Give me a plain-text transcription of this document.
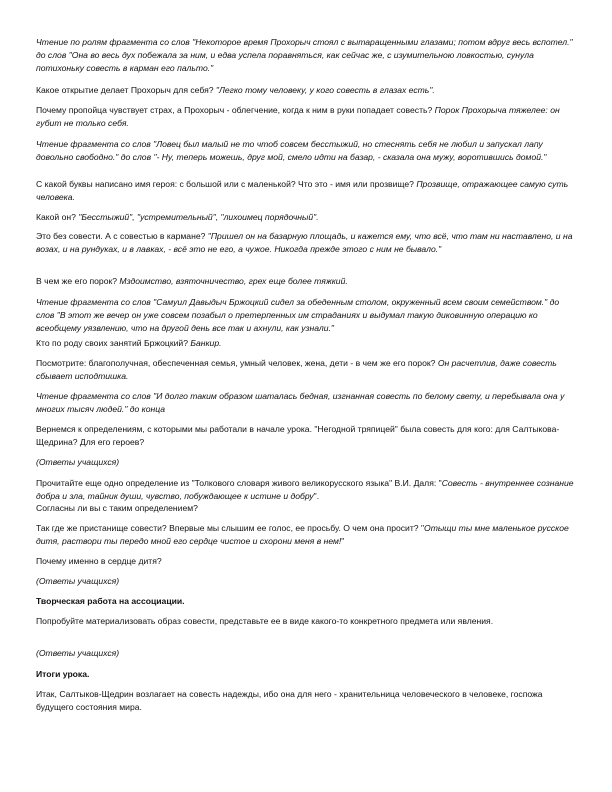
Чтение по ролям фрагмента со слов "Некоторое время Прохорыч стоял с вытаращенными глазами; потом вдруг весь вспотел." до слов "Она во весь дух побежала за ним, и едва успела поравняться, как сейчас же, с изумительною ловкостью, сунула потихоньку совесть в карман его пальто."

Какое открытие делает Прохорыч для себя? "Легко тому человеку, у кого совесть в глазах есть".

Почему пропойца чувствует страх, а Прохорыч - облегчение, когда к ним в руки попадает совесть? Порок Прохорыча тяжелее: он губит не только себя.

Чтение фрагмента со слов "Ловец был малый не то чтоб совсем бесстыжий, но стеснять себя не любил и запускал лапу довольно свободно." до слов "- Ну, теперь можешь, друг мой, смело идти на базар, - сказала она мужу, воротившись домой."

С какой буквы написано имя героя: с большой или с маленькой? Что это - имя или прозвище? Прозвище, отражающее самую суть человека.

Какой он? "Бесстыжий", "устремительный", "лихоимец порядочный".

Это без совести. А с совестью в кармане? "Пришел он на базарную площадь, и кажется ему, что всё, что там ни наставлено, и на возах, и на рундуках, и в лавках, - всё это не его, а чужое. Никогда прежде этого с ним не бывало."

В чем же его порок? Мздоимство, взяточничество, грех еще более тяжкий.

Чтение фрагмента со слов "Самуил Давыдыч Бржоцкий сидел за обеденным столом, окруженный всем своим семейством." до слов "В этот же вечер он уже совсем позабыл о претерпенных им страданиях и выдумал такую диковинную операцию ко всеобщему уязвлению, что на другой день все так и ахнули, как узнали."

Кто по роду своих занятий Бржоцкий? Банкир.

Посмотрите: благополучная, обеспеченная семья, умный человек, жена, дети - в чем же его порок? Он расчетлив, даже совесть сбывает исподтишка.

Чтение фрагмента со слов "И долго таким образом шаталась бедная, изгнанная совесть по белому свету, и перебывала она у многих тысяч людей." до конца

Вернемся к определениям, с которыми мы работали в начале урока. "Негодной тряпицей" была совесть для кого: для Салтыкова-Щедрина? Для его героев?

(Ответы учащихся)

Прочитайте еще одно определение из "Толкового словаря живого великорусского языка" В.И. Даля: "Совесть - внутреннее сознание добра и зла, тайник души, чувство, побуждающее к истине и добру".

Согласны ли вы с таким определением?

Так где же пристанище совести? Впервые мы слышим ее голос, ее просьбу. О чем она просит? "Отыщи ты мне маленькое русское дитя, раствори ты передо мной его сердце чистое и схорони меня в нем!"

Почему именно в сердце дитя?

(Ответы учащихся)

Творческая работа на ассоциации.

Попробуйте материализовать образ совести, представьте ее в виде какого-то конкретного предмета или явления.

(Ответы учащихся)

Итоги урока.

Итак, Салтыков-Щедрин возлагает на совесть надежды, ибо она для него - хранительница человеческого в человеке, госпожа будущего состояния мира.
